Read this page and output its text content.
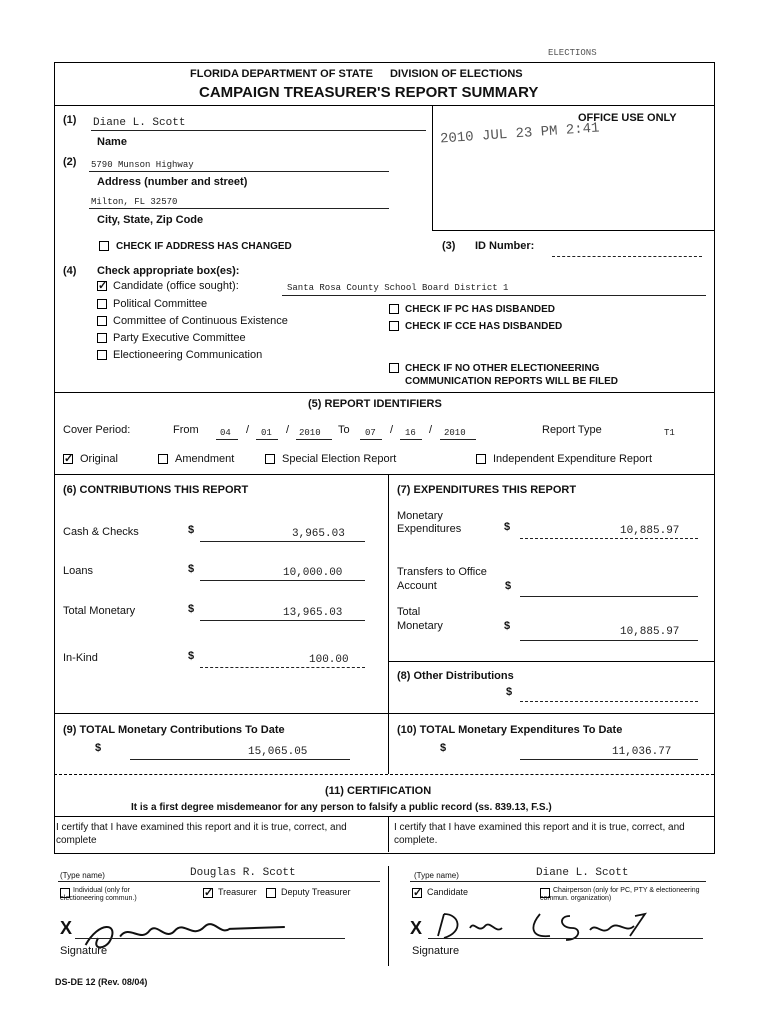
ELECTIONS
FLORIDA DEPARTMENT OF STATE DIVISION OF ELECTIONS
CAMPAIGN TREASURER'S REPORT SUMMARY
OFFICE USE ONLY
2010 JUL 23 PM 2:41
(1) Diane L. Scott
Name
(2) 5790 Munson Highway
Address (number and street)
Milton, FL 32570
City, State, Zip Code
CHECK IF ADDRESS HAS CHANGED	(3) ID Number:
(4) Check appropriate box(es):
✓
Candidate (office sought):	Santa Rosa County School Board District 1
Political Committee
Committee of Continuous Existence
Party Executive Committee
Electioneering Communication
CHECK IF PC HAS DISBANDED
CHECK IF CCE HAS DISBANDED
CHECK IF NO OTHER ELECTIONEERING
COMMUNICATION REPORTS WILL BE FILED
(5) REPORT IDENTIFIERS
Cover Period:	From 04 / 01 / 2010 To 07 / 16 / 2010	Report Type	T1
✓
Original	Amendment	Special Election Report	Independent Expenditure Report
(6) CONTRIBUTIONS THIS REPORT
Cash & Checks	$	3,965.03
Loans	$	10,000.00
Total Monetary	$	13,965.03
In-Kind	$	100.00
(7) EXPENDITURES THIS REPORT
Monetary
Expenditures	$	10,885.97
Transfers to Office
Account	$
Total
Monetary	$	10,885.97
(8) Other Distributions
$
(9) TOTAL Monetary Contributions To Date
$	15,065.05
(10) TOTAL Monetary Expenditures To Date
$	11,036.77
(11) CERTIFICATION
It is a first degree misdemeanor for any person to falsify a public record (ss. 839.13, F.S.)
I certify that I have examined this report and it is true, correct, and complete
I certify that I have examined this report and it is true, correct, and complete.
(Type name)	Douglas R. Scott	(Type name)	Diane L. Scott
Individual (only for electioneering commun.)
✓
Treasurer	Deputy Treasurer
✓	Candidate	Chairperson (only for PC, PTY & electioneering commun. organization)
X
Signature
X
Signature
DS-DE 12 (Rev. 08/04)
